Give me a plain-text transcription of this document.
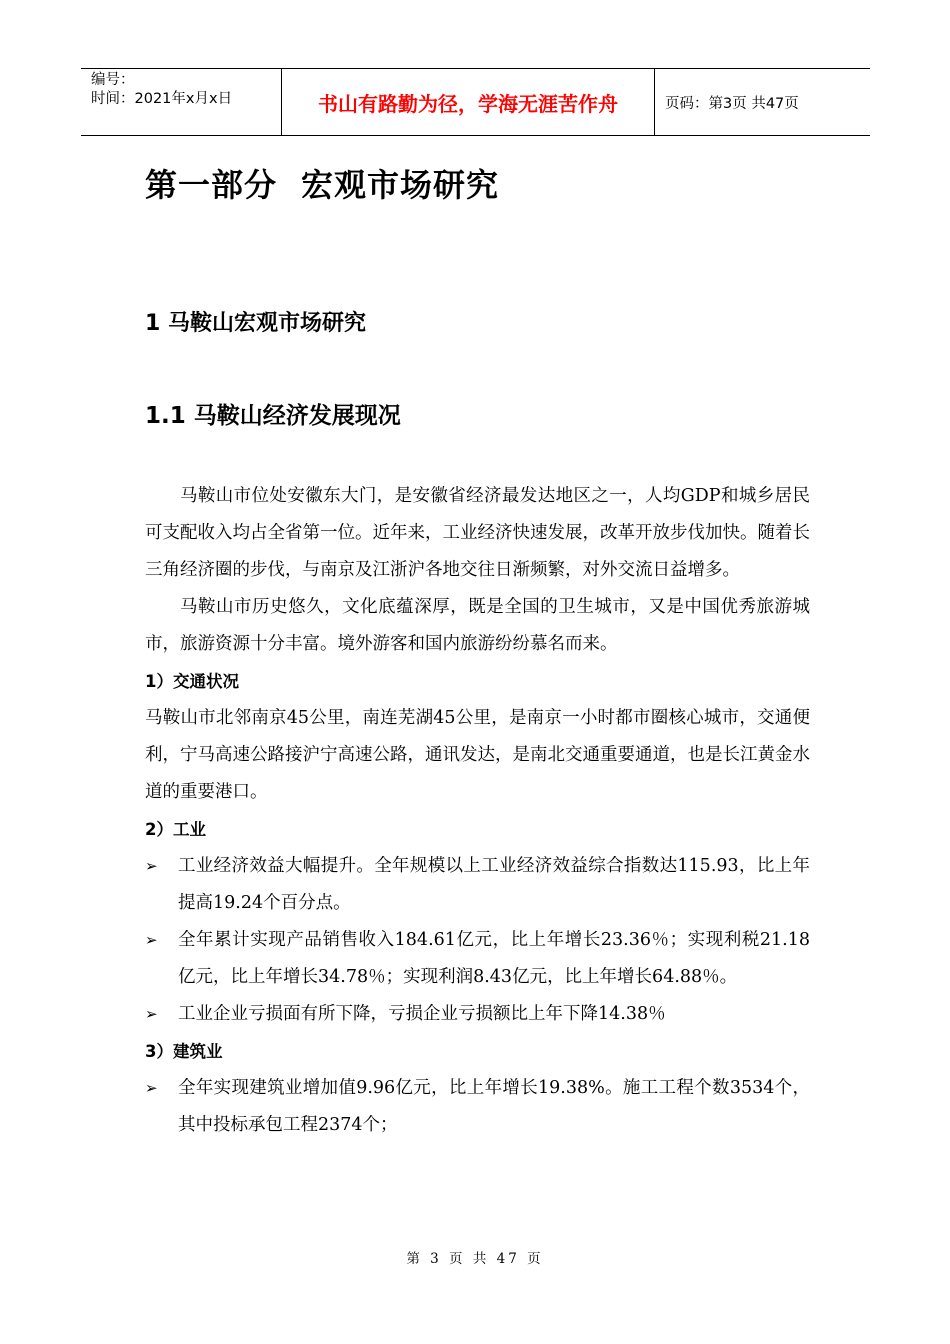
编号：
时间：2021年x月x日	书山有路勤为径，学海无涯苦作舟	页码：第3页 共47页
第一部分 宏观市场研究
1 马鞍山宏观市场研究
1.1 马鞍山经济发展现况

马鞍山市位处安徽东大门，是安徽省经济最发达地区之一，人均GDP和城乡居民可支配收入均占全省第一位。近年来，工业经济快速发展，改革开放步伐加快。随着长三角经济圈的步伐，与南京及江浙沪各地交往日渐频繁，对外交流日益增多。

马鞍山市历史悠久，文化底蕴深厚，既是全国的卫生城市，又是中国优秀旅游城市，旅游资源十分丰富。境外游客和国内旅游纷纷慕名而来。

1）交通状况

马鞍山市北邻南京45公里，南连芜湖45公里，是南京一小时都市圈核心城市，交通便利，宁马高速公路接沪宁高速公路，通讯发达，是南北交通重要通道，也是长江黄金水道的重要港口。

2）工业

➢	工业经济效益大幅提升。全年规模以上工业经济效益综合指数达115.93，比上年提高19.24个百分点。
➢	全年累计实现产品销售收入184.61亿元，比上年增长23.36％；实现利税21.18亿元，比上年增长34.78％；实现利润8.43亿元，比上年增长64.88％。
➢	工业企业亏损面有所下降，亏损企业亏损额比上年下降14.38％

3）建筑业

➢	全年实现建筑业增加值9.96亿元，比上年增长19.38%。施工工程个数3534个，其中投标承包工程2374个；
第 3 页 共 47 页
